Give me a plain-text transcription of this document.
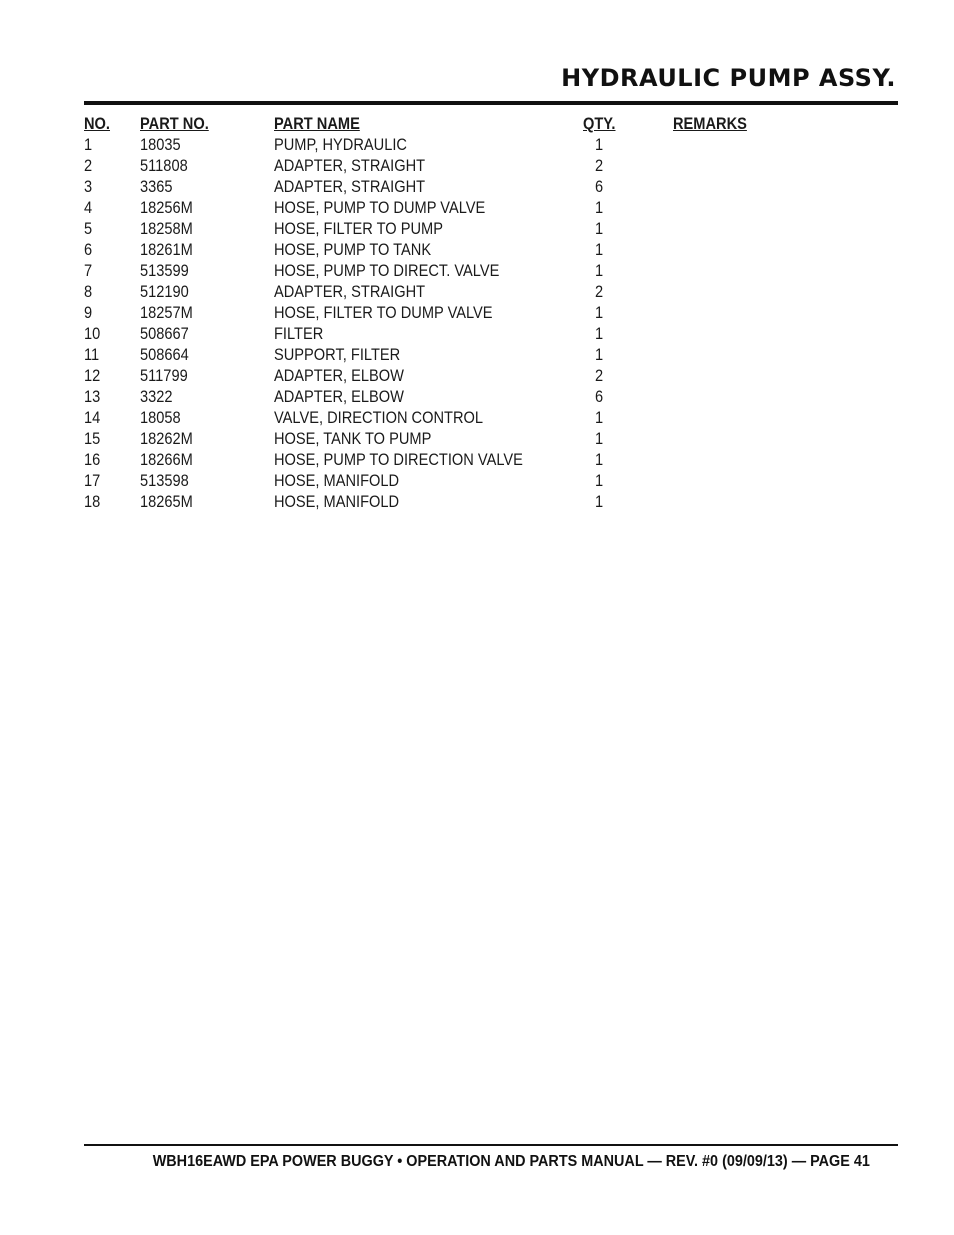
HYDRAULIC PUMP ASSY.
NO. PART NO.	PART NAME	QTY.	REMARKS
1	18035	PUMP, HYDRAULIC	1
2	511808	ADAPTER, STRAIGHT	2
3	3365	ADAPTER, STRAIGHT	6
4	18256M	HOSE, PUMP TO DUMP VALVE	1
5	18258M	HOSE, FILTER TO PUMP	1
6	18261M	HOSE, PUMP TO TANK	1
7	513599	HOSE, PUMP TO DIRECT. VALVE	1
8	512190	ADAPTER, STRAIGHT	2
9	18257M	HOSE, FILTER TO DUMP VALVE	1
10 508667	FILTER	1
11 508664	SUPPORT, FILTER	1
12 511799	ADAPTER, ELBOW	2
13 3322	ADAPTER, ELBOW	6
14 18058	VALVE, DIRECTION CONTROL	1
15 18262M	HOSE, TANK TO PUMP	1
16 18266M	HOSE, PUMP TO DIRECTION VALVE	1
17 513598	HOSE, MANIFOLD	1
18 18265M	HOSE, MANIFOLD	1
WBH16EAWD EPA POWER BUGGY • OPERATION AND PARTS MANUAL — REV. #0 (09/09/13) — PAGE 41
